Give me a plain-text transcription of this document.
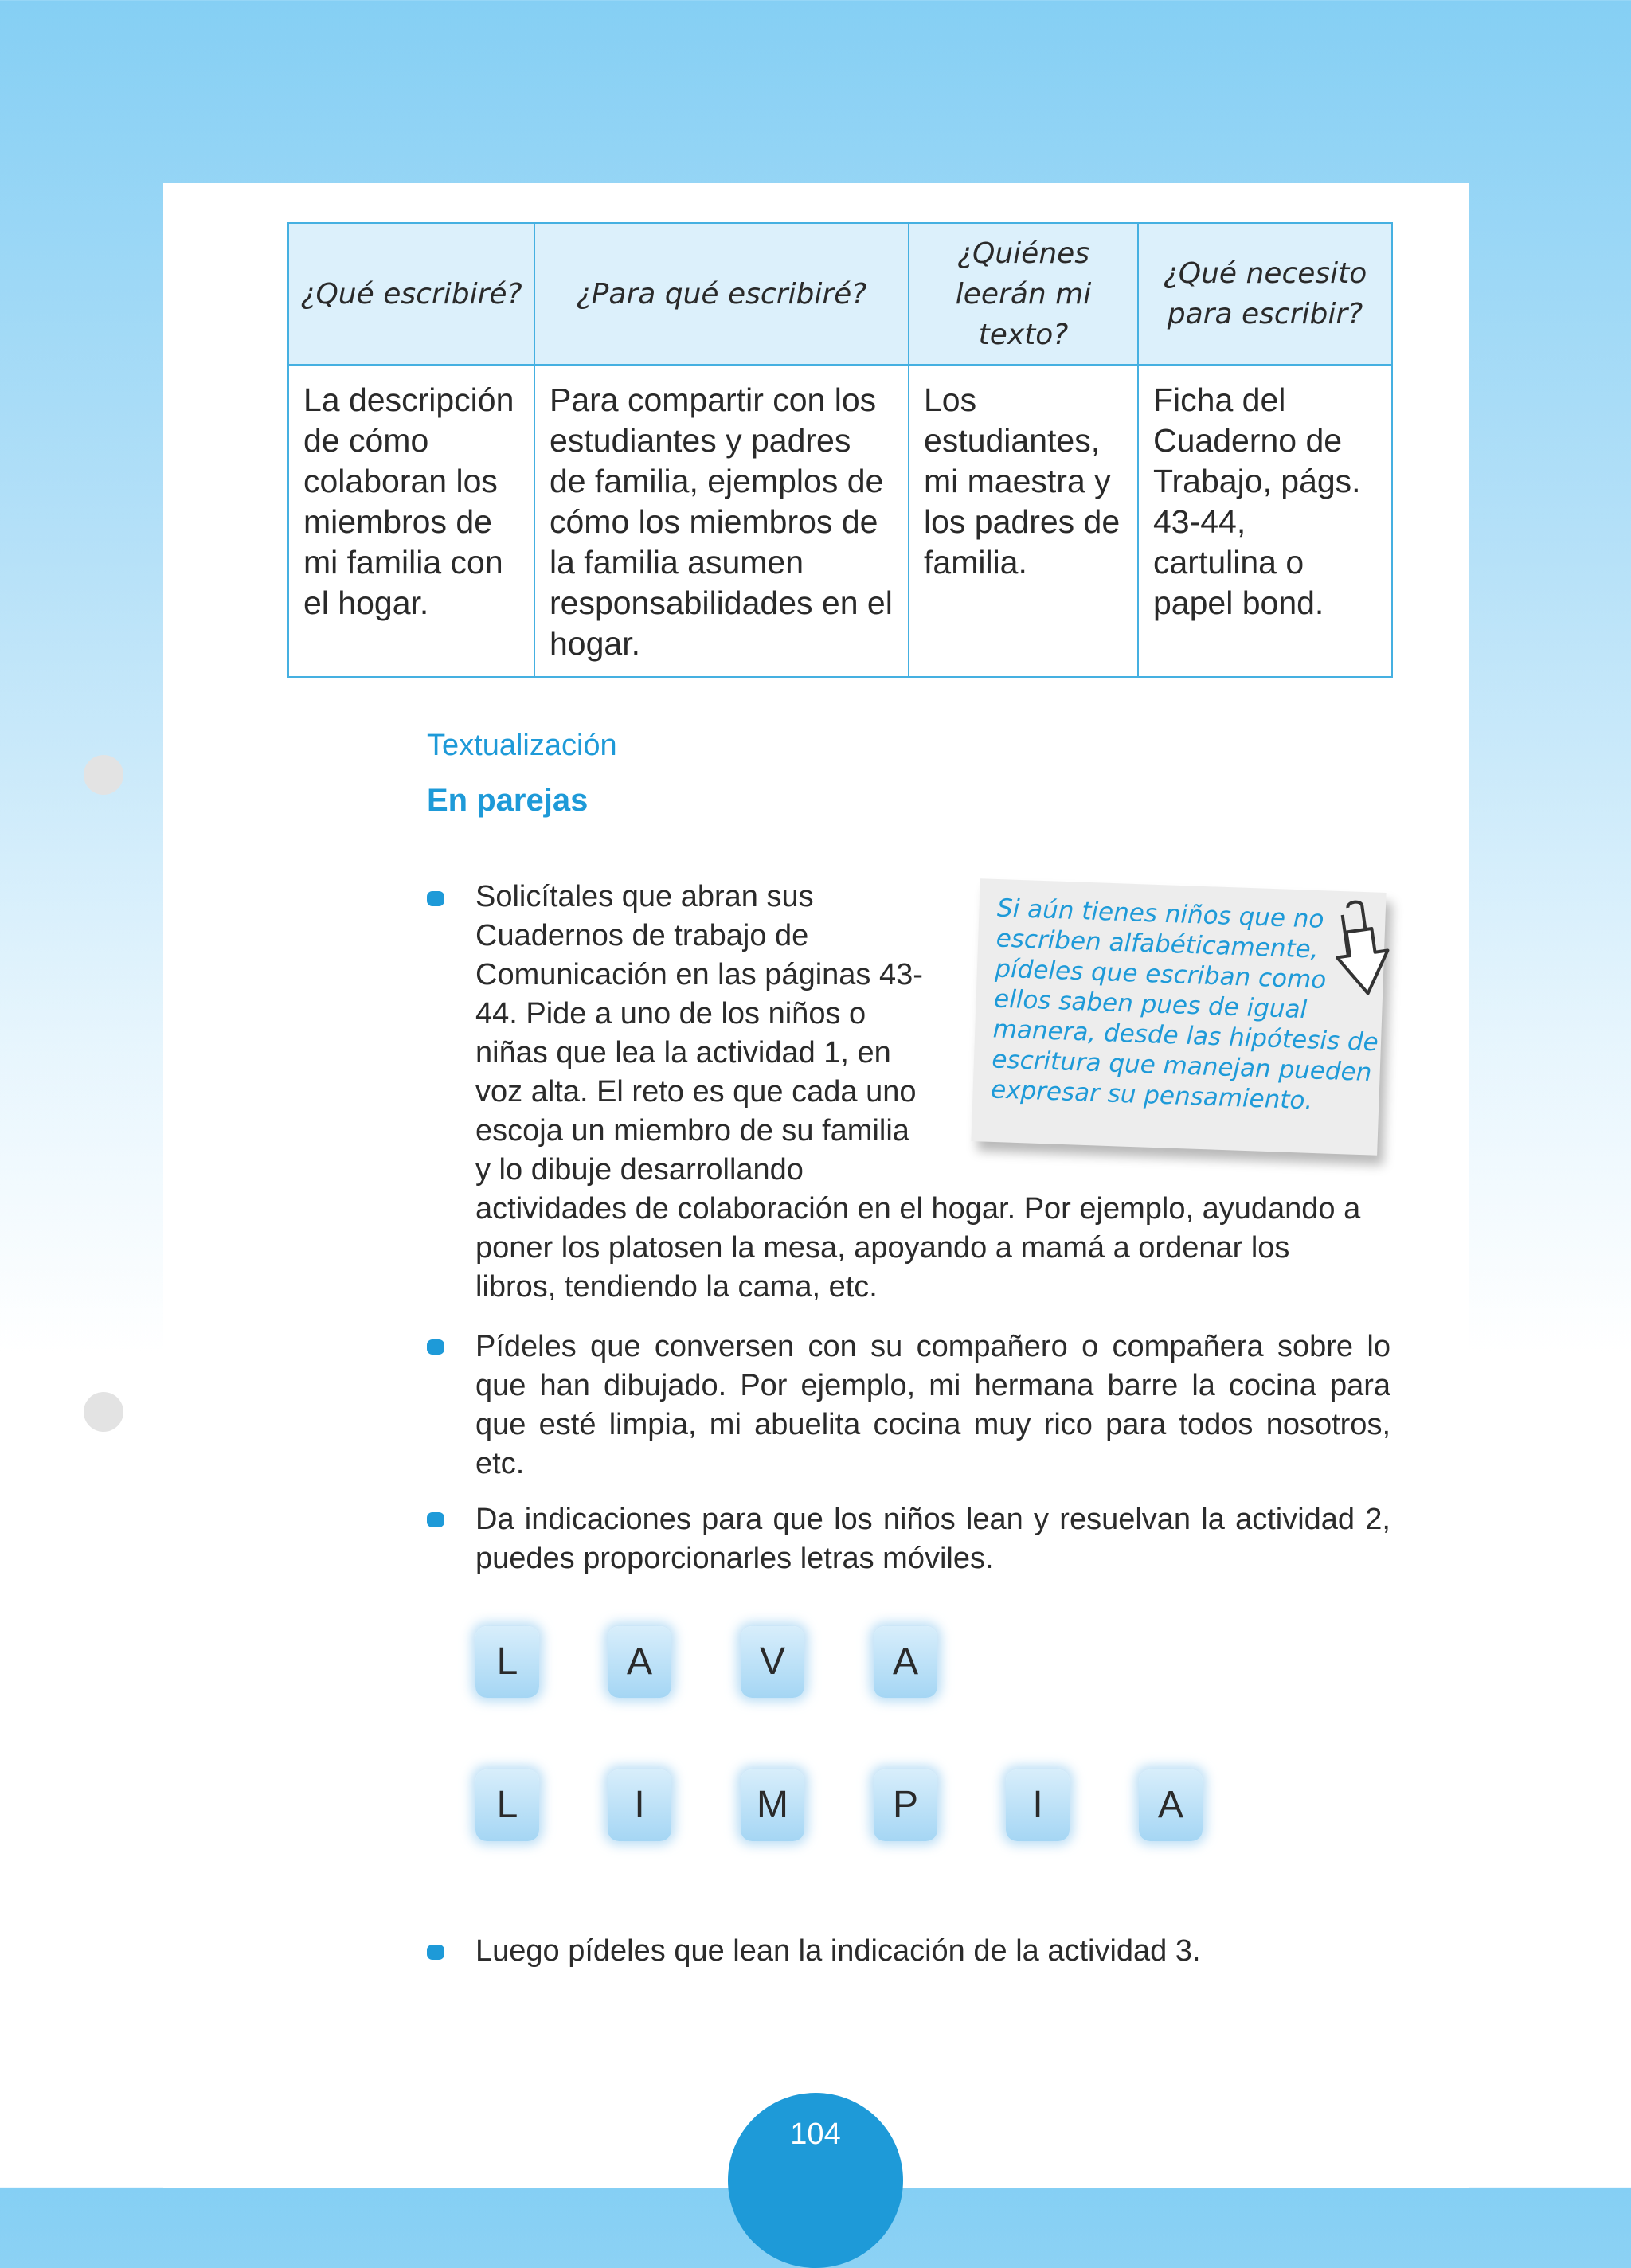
¿Qué escribiré?	¿Para qué escribiré?	¿Quiénes leerán mi texto?	¿Qué necesito para escribir?
La descripción de cómo colaboran los miembros de mi familia con el hogar.	Para compartir con los estudiantes y padres de familia, ejemplos de cómo los miembros de la familia asumen responsabilidades en el hogar.	Los estudiantes, mi maestra y los padres de familia.	Ficha del Cuaderno de Trabajo, págs. 43-44, cartulina o papel bond.
Textualización
En parejas
Solicítales que abran sus Cuadernos de trabajo de Comunicación en las páginas 43-44. Pide a uno de los niños o niñas que lea la actividad 1, en voz alta. El reto es que cada uno escoja un miembro de su familia y lo dibuje desarrollando actividades de colaboración en el hogar. Por ejemplo, ayudando a poner los platosen la mesa, apoyando a mamá a ordenar los libros, tendiendo la cama, etc.
Si aún tienes niños que no escriben alfabéticamente, pídeles que escriban como ellos saben pues de igual manera, desde las hipótesis de escritura que manejan pueden expresar su pensamiento.
Pídeles que conversen con su compañero o compañera sobre lo que han dibujado. Por ejemplo, mi hermana barre la cocina para que esté limpia, mi abuelita cocina muy rico para todos nosotros, etc.
Da indicaciones para que los niños lean y resuelvan la actividad 2, puedes proporcionarles letras móviles.
L	A	V	A
L	I	M	P	I	A
Luego pídeles que lean la indicación de la actividad 3.
104
